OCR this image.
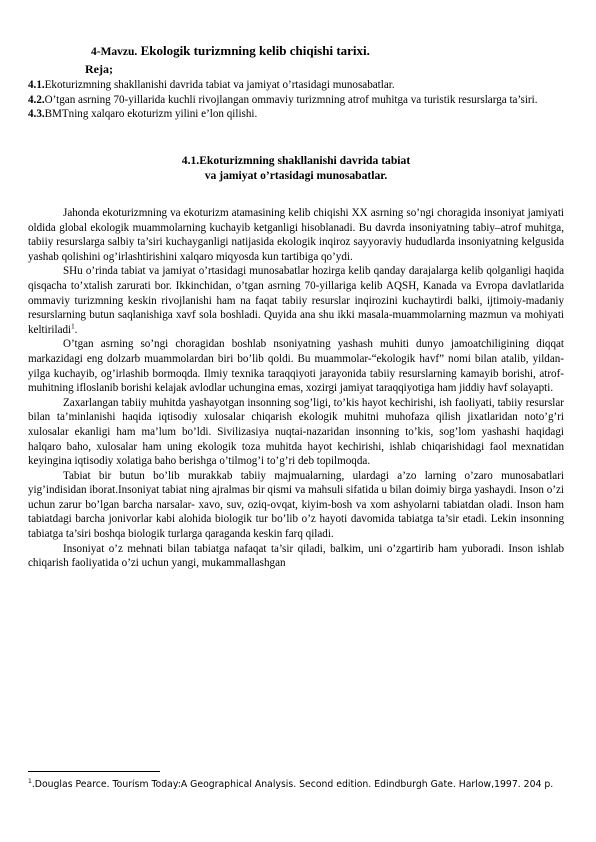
4-Mavzu. Ekologik turizmning kelib chiqishi tarixi.
Reja;

4.1.Ekoturizmning shakllanishi davrida tabiat va jamiyat o’rtasidagi munosabatlar.

4.2.O’tgan asrning 70-yillarida kuchli rivojlangan ommaviy turizmning atrof muhitga va turistik resurslarga ta’siri.

4.3.BMTning xalqaro ekoturizm yilini e’lon qilishi.

4.1.Ekoturizmning shakllanishi davrida tabiat
va jamiyat o’rtasidagi munosabatlar.

Jahonda ekoturizmning va ekoturizm atamasining kelib chiqishi XX asrning so’ngi choragida insoniyat jamiyati oldida global ekologik muammolarning kuchayib ketganligi hisoblanadi. Bu davrda insoniyatning tabiy–atrof muhitga, tabiiy resurslarga salbiy ta’siri kuchayganligi natijasida ekologik inqiroz sayyoraviy hududlarda insoniyatning kelgusida yashab qolishini og’irlashtirishini xalqaro miqyosda kun tartibiga qo’ydi.

SHu o’rinda tabiat va jamiyat o’rtasidagi munosabatlar hozirga kelib qanday darajalarga kelib qolganligi haqida qisqacha to’xtalish zarurati bor. Ikkinchidan, o’tgan asrning 70-yillariga kelib AQSH, Kanada va Evropa davlatlarida ommaviy turizmning keskin rivojlanishi ham na faqat tabiiy resurslar inqirozini kuchaytirdi balki, ijtimoiy-madaniy resurslarning butun saqlanishiga xavf sola boshladi. Quyida ana shu ikki masala-muammolarning mazmun va mohiyati keltiriladi$^1$.

O’tgan asrning so’ngi choragidan boshlab nsoniyatning yashash muhiti dunyo jamoatchiligining diqqat markazidagi eng dolzarb muammolardan biri bo’lib qoldi. Bu muammolar-“ekologik havf” nomi bilan atalib, yildan-yilga kuchayib, og’irlashib bormoqda. Ilmiy texnika taraqqiyoti jarayonida tabiiy resurslarning kamayib borishi, atrof-muhitning ifloslanib borishi kelajak avlodlar uchungina emas, xozirgi jamiyat taraqqiyotiga ham jiddiy havf solayapti.

Zaxarlangan tabiiy muhitda yashayotgan insonning sog’ligi, to’kis hayot kechirishi, ish faoliyati, tabiiy resurslar bilan ta’minlanishi haqida iqtisodiy xulosalar chiqarish ekologik muhitni muhofaza qilish jixatlaridan noto’g’ri xulosalar ekanligi ham ma’lum bo’ldi. Sivilizasiya nuqtai-nazaridan insonning to’kis, sog’lom yashashi haqidagi halqaro baho, xulosalar ham uning ekologik toza muhitda hayot kechirishi, ishlab chiqarishidagi faol mexnatidan keyingina iqtisodiy xolatiga baho berishga o’tilmog’i to’g’ri deb topilmoqda.

Tabiat bir butun bo’lib murakkab tabiiy majmualarning, ulardagi a’zo larning o’zaro munosabatlari yig’indisidan iborat.Insoniyat tabiat ning ajralmas bir qismi va mahsuli sifatida u bilan doimiy birga yashaydi. Inson o’zi uchun zarur bo’lgan barcha narsalar- xavo, suv, oziq-ovqat, kiyim-bosh va xom ashyolarni tabiatdan oladi. Inson ham tabiatdagi barcha jonivorlar kabi alohida biologik tur bo’lib o’z hayoti davomida tabiatga ta’sir etadi. Lekin insonning tabiatga ta’siri boshqa biologik turlarga qaraganda keskin farq qiladi.

Insoniyat o’z mehnati bilan tabiatga nafaqat ta’sir qiladi, balkim, uni o’zgartirib ham yuboradi. Inson ishlab chiqarish faoliyatida o’zi uchun yangi, mukammallashgan

$^1$.Douglas Pearce. Tourism Today:A Geographical Analysis. Second edition. Edindburgh Gate. Harlow,1997. 204 p.
